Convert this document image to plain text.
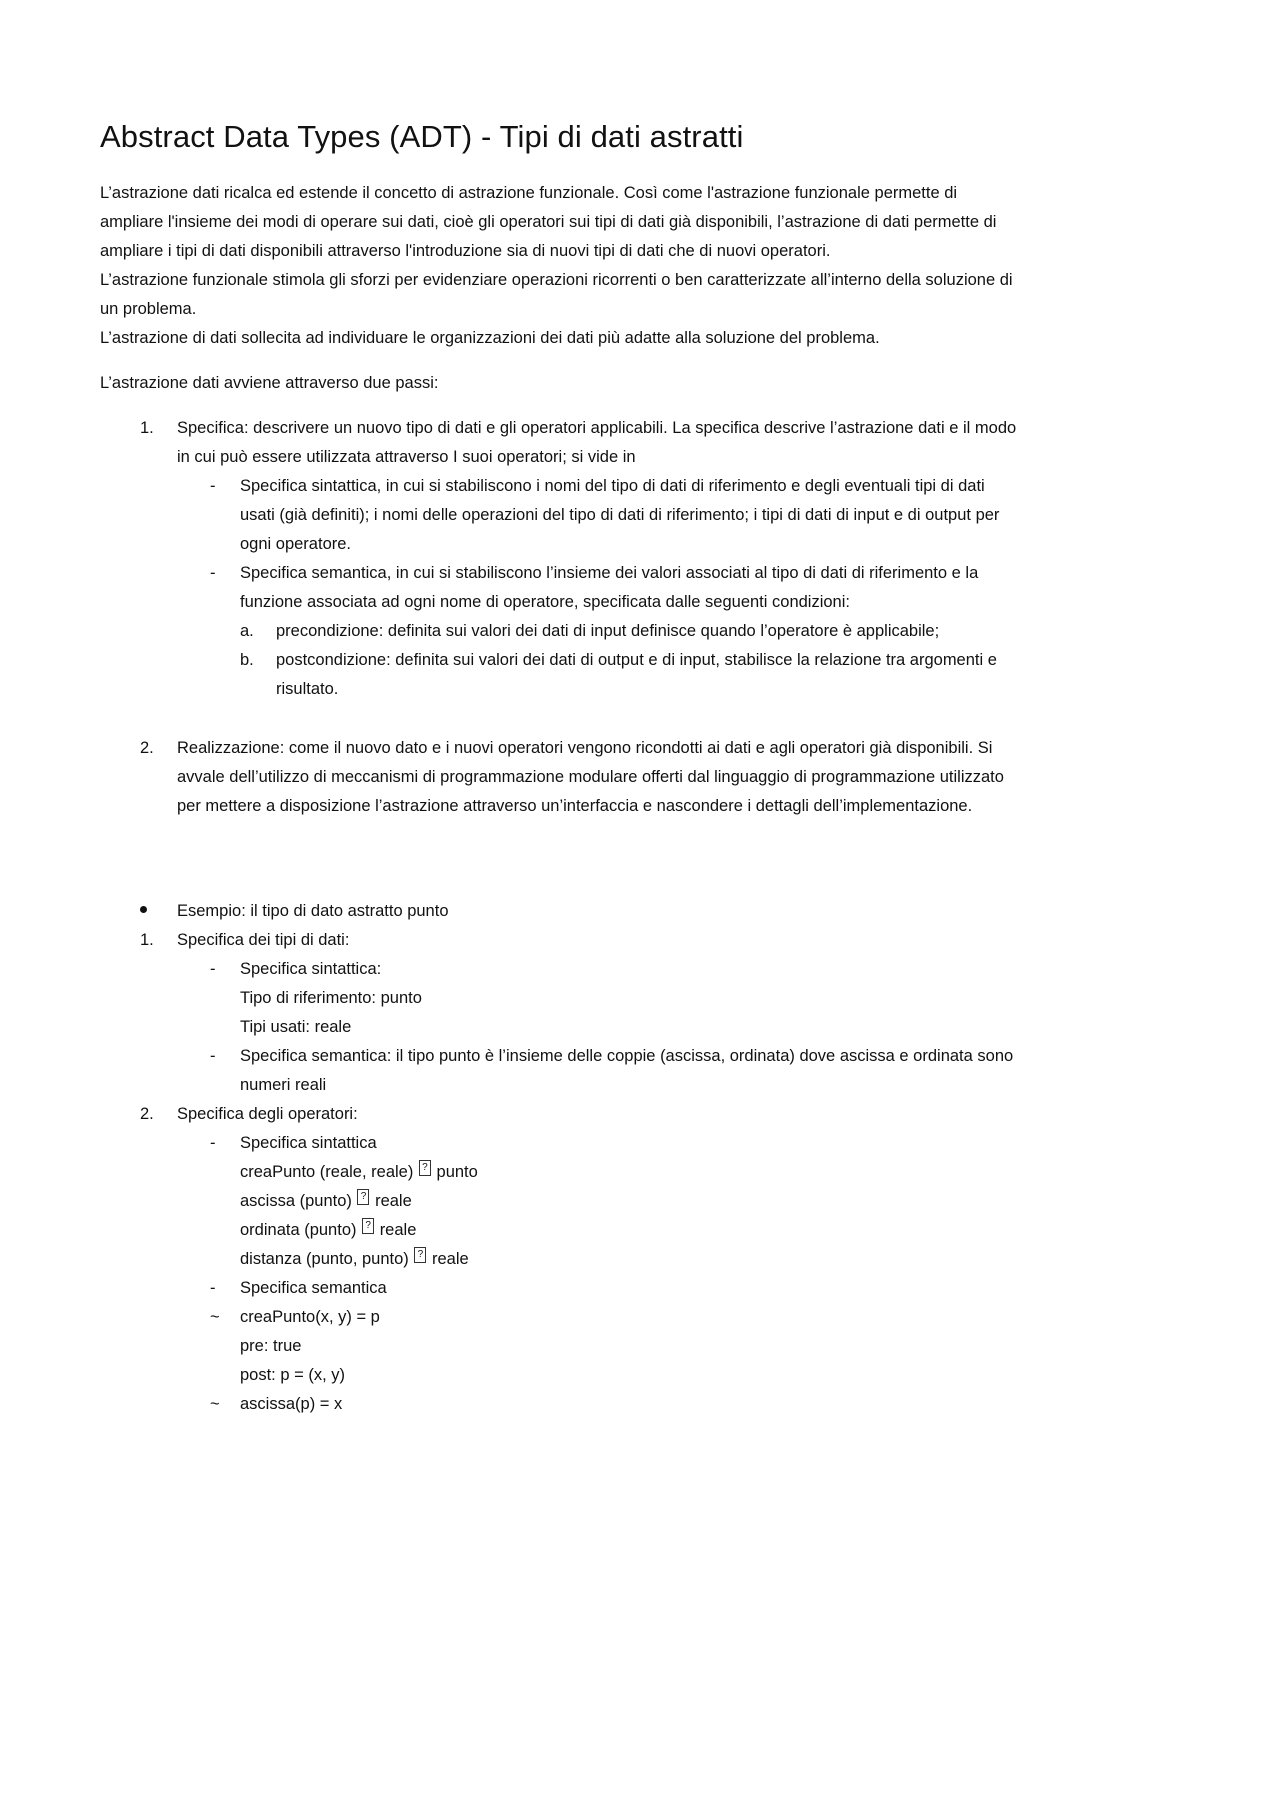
Abstract Data Types (ADT) - Tipi di dati astratti

L’astrazione dati ricalca ed estende il concetto di astrazione funzionale. Così come l'astrazione funzionale permette di ampliare l'insieme dei modi di operare sui dati, cioè gli operatori sui tipi di dati già disponibili, l’astrazione di dati permette di ampliare i tipi di dati disponibili attraverso l'introduzione sia di nuovi tipi di dati che di nuovi operatori.

L’astrazione funzionale stimola gli sforzi per evidenziare operazioni ricorrenti o ben caratterizzate all’interno della soluzione di un problema.

L’astrazione di dati sollecita ad individuare le organizzazioni dei dati più adatte alla soluzione del problema.

L’astrazione dati avviene attraverso due passi:

1.	Specifica: descrivere un nuovo tipo di dati e gli operatori applicabili. La specifica descrive l’astrazione dati e il modo in cui può essere utilizzata attraverso I suoi operatori; si vide in
-	Specifica sintattica, in cui si stabiliscono i nomi del tipo di dati di riferimento e degli eventuali tipi di dati usati (già definiti); i nomi delle operazioni del tipo di dati di riferimento; i tipi di dati di input e di output per ogni operatore.
-	Specifica semantica, in cui si stabiliscono l’insieme dei valori associati al tipo di dati di riferimento e la funzione associata ad ogni nome di operatore, specificata dalle seguenti condizioni:
a.	precondizione: definita sui valori dei dati di input definisce quando l’operatore è applicabile;
b.	postcondizione: definita sui valori dei dati di output e di input, stabilisce la relazione tra argomenti e risultato.
2.	Realizzazione: come il nuovo dato e i nuovi operatori vengono ricondotti ai dati e agli operatori già disponibili. Si avvale dell’utilizzo di meccanismi di programmazione modulare offerti dal linguaggio di programmazione utilizzato per mettere a disposizione l’astrazione attraverso un’interfaccia e nascondere i dettagli dell’implementazione.
Esempio: il tipo di dato astratto punto
1.	Specifica dei tipi di dati:
-	Specifica sintattica:
Tipo di riferimento: punto
Tipi usati: reale
-	Specifica semantica: il tipo punto è l’insieme delle coppie (ascissa, ordinata) dove ascissa e ordinata sono numeri reali
2.	Specifica degli operatori:
-	Specifica sintattica
creaPunto (reale, reale) ? punto
ascissa (punto) ? reale
ordinata (punto) ? reale
distanza (punto, punto) ? reale
-	Specifica semantica
~	creaPunto(x, y) = p
pre: true
post: p = (x, y)
~	ascissa(p) = x
